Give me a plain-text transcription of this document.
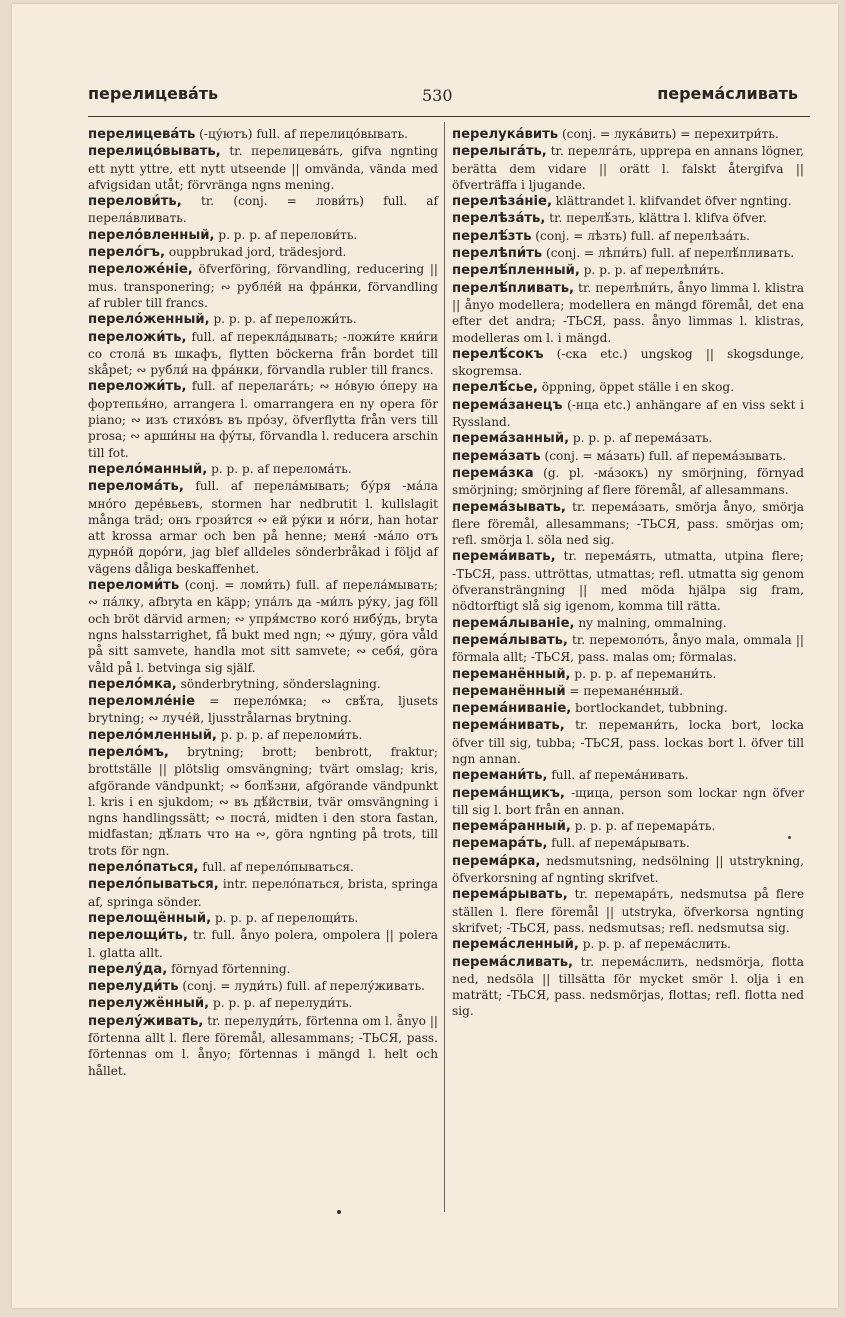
перелицева́ть	530	перема́сливать

перелицева́ть (-цу́ютъ) full. af перелицо́вывать.

перелицо́вывать, tr. перелицева́ть, gifva ngnting ett nytt yttre, ett nytt utseende || omvända, vända med afvigsidan utåt; förvränga ngns mening.

перелови́ть, tr. (conj. = лови́ть) full. af перела́вливать.

перело́вленный, p. p. p. af перелови́ть.

перело́гъ, ouppbrukad jord, trädesjord.

переложе́ніе, öfverföring, förvandling, reducering || mus. transponering; ∾ рубле́й на фра́нки, förvandling af rubler till francs.

перело́женный, p. p. p. af переложи́ть.

переложи́ть, full. af перекла́дывать; -ложи́те кни́ги со стола́ въ шкафъ, flytten böckerna från bordet till skåpet; ∾ рубли́ на фра́нки, förvandla rubler till francs.

переложи́ть, full. af перелага́ть; ∾ но́вую о́перу на фортепья́но, arrangera l. omarrangera en ny opera för piano; ∾ изъ стихо́въ въ про́зу, öfverflytta från vers till prosa; ∾ арши́ны на фу́ты, förvandla l. reducera arschin till fot.

перело́манный, p. p. p. af перелома́ть.

перелома́ть, full. af перела́мывать; бу́ря -ма́ла мно́го дере́вьевъ, stormen har nedbrutit l. kullslagit många träd; онъ грози́тся ∾ ей ру́ки и но́ги, han hotar att krossa armar och ben på henne; меня́ -ма́ло отъ дурно́й доро́ги, jag blef alldeles sönderbråkad i följd af vägens dåliga beskaffenhet.

переломи́ть (conj. = ломи́ть) full. af перела́мывать; ∾ па́лку, afbryta en käpp; упа́лъ да -ми́лъ ру́ку, jag föll och bröt därvid armen; ∾ упря́мство кого́ нибу́дь, bryta ngns halsstarrighet, få bukt med ngn; ∾ ду́шу, göra våld på sitt samvete, handla mot sitt samvete; ∾ себя́, göra våld på l. betvinga sig själf.

перело́мка, sönderbrytning, sönderslagning.

переломле́ніе = перело́мка; ∾ свѣ́та, ljusets brytning; ∾ луче́й, ljusstrålarnas brytning.

перело́мленный, p. p. p. af переломи́ть.

перело́мъ, brytning; brott; benbrott, fraktur; brottställe || plötslig omsvängning; tvärt omslag; kris, afgörande vändpunkt; ∾ болѣ́зни, afgörande vändpunkt l. kris i en sjukdom; ∾ въ дѣ́йствіи, tvär omsvängning i ngns handlingssätt; ∾ поста́, midten i den stora fastan, midfastan; дѣ́лать что на ∾, göra ngnting på trots, till trots för ngn.

перело́паться, full. af перело́пываться.

перело́пываться, intr. перело́паться, brista, springa af, springa sönder.

перелощённый, p. p. p. af перелощи́ть.

перелощи́ть, tr. full. ånyo polera, ompolera || polera l. glatta allt.

перелу́да, förnyad förtenning.

перелуди́ть (conj. = луди́ть) full. af перелу́живать.

перелужённый, p. p. p. af перелуди́ть.

перелу́живать, tr. перелуди́ть, förtenna om l. ånyo || förtenna allt l. flere föremål, allesammans; -ТЬСЯ, pass. förtennas om l. ånyo; förtennas i mängd l. helt och hållet.

перелука́вить (conj. = лука́вить) = перехитри́ть.

перелыга́ть, tr. перелга́ть, upprepa en annans lögner, berätta dem vidare || orätt l. falskt återgifva || öfverträffa i ljugande.

перелѣза́ніе, klättrandet l. klifvandet öfver ngnting.

перелѣза́ть, tr. перелѣ́зть, klättra l. klifva öfver.

перелѣ́зть (conj. = лѣзть) full. af перелѣза́ть.

перелѣпи́ть (conj. = лѣпи́ть) full. af перелѣ́пливать.

перелѣ́пленный, p. p. p. af перелѣпи́ть.

перелѣ́пливать, tr. перелѣпи́ть, ånyo limma l. klistra || ånyo modellera; modellera en mängd föremål, det ena efter det andra; -ТЬСЯ, pass. ånyo limmas l. klistras, modelleras om l. i mängd.

перелѣ́сокъ (-ска etc.) ungskog || skogsdunge, skogremsa.

перелѣ́сье, öppning, öppet ställe i en skog.

перема́занецъ (-нца etc.) anhängare af en viss sekt i Ryssland.

перема́занный, p. p. p. af перема́зать.

перема́зать (conj. = ма́зать) full. af перема́зывать.

перема́зка (g. pl. -ма́зокъ) ny smörjning, förnyad smörjning; smörjning af flere föremål, af allesammans.

перема́зывать, tr. перема́зать, smörja ånyo, smörja flere föremål, allesammans; -ТЬСЯ, pass. smörjas om; refl. smörja l. söla ned sig.

перема́ивать, tr. перема́ять, utmatta, utpina flere; -ТЬСЯ, pass. uttröttas, utmattas; refl. utmatta sig genom öfveransträngning || med möda hjälpa sig fram, nödtorftigt slå sig igenom, komma till rätta.

перема́лываніе, ny malning, ommalning.

перема́лывать, tr. перемоло́ть, ånyo mala, ommala || förmala allt; -ТЬСЯ, pass. malas om; förmalas.

переманённый, p. p. p. af перемани́ть.

переманённый = перемане́нный.

перема́ниваніе, bortlockandet, tubbning.

перема́нивать, tr. перемани́ть, locka bort, locka öfver till sig, tubba; -ТЬСЯ, pass. lockas bort l. öfver till ngn annan.

перемани́ть, full. af перема́нивать.

перема́нщикъ, -щица, person som lockar ngn öfver till sig l. bort från en annan.

перема́ранный, p. p. p. af перемара́ть.

перемара́ть, full. af перема́рывать.

перема́рка, nedsmutsning, nedsölning || utstrykning, öfverkorsning af ngnting skrifvet.

перема́рывать, tr. перемара́ть, nedsmutsa på flere ställen l. flere föremål || utstryka, öfverkorsa ngnting skrifvet; -ТЬСЯ, pass. nedsmutsas; refl. nedsmutsa sig.

перема́сленный, p. p. p. af перема́слить.

перема́сливать, tr. перема́слить, nedsmörja, flotta ned, nedsöla || tillsätta för mycket smör l. olja i en maträtt; -ТЬСЯ, pass. nedsmörjas, flottas; refl. flotta ned sig.
